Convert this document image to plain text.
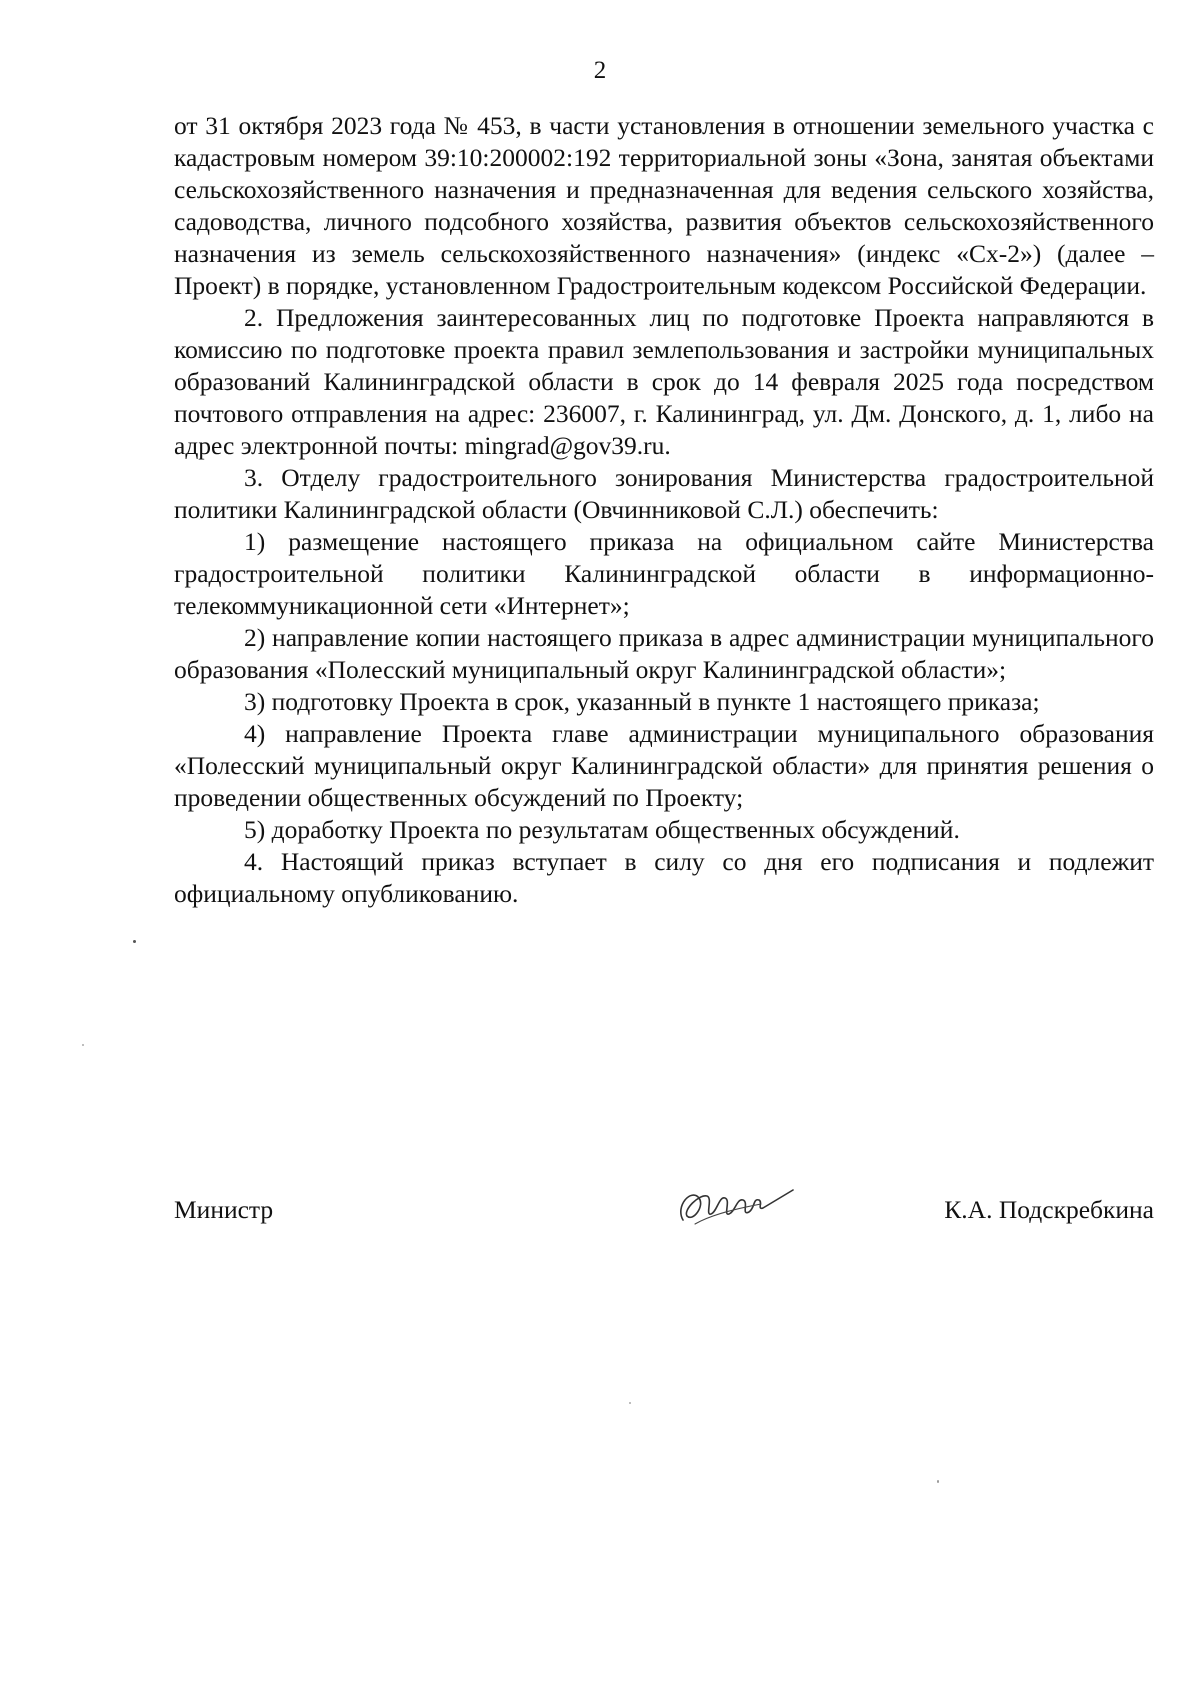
2

от 31 октября 2023 года № 453, в части установления в отношении земельного участка с кадастровым номером 39:10:200002:192 территориальной зоны «Зона, занятая объектами сельскохозяйственного назначения и предназначенная для ведения сельского хозяйства, садоводства, личного подсобного хозяйства, развития объектов сельскохозяйственного назначения из земель сельскохозяйственного назначения» (индекс «Сх-2») (далее – Проект) в порядке, установленном Градостроительным кодексом Российской Федерации.

2. Предложения заинтересованных лиц по подготовке Проекта направляются в комиссию по подготовке проекта правил землепользования и застройки муниципальных образований Калининградской области в срок до 14 февраля 2025 года посредством почтового отправления на адрес: 236007, г. Калининград, ул. Дм. Донского, д. 1, либо на адрес электронной почты: mingrad@gov39.ru.

3. Отделу градостроительного зонирования Министерства градостроительной политики Калининградской области (Овчинниковой С.Л.) обеспечить:

1) размещение настоящего приказа на официальном сайте Министерства градостроительной политики Калининградской области в информационно-телекоммуникационной сети «Интернет»;

2) направление копии настоящего приказа в адрес администрации муниципального образования «Полесский муниципальный округ Калининградской области»;

3) подготовку Проекта в срок, указанный в пункте 1 настоящего приказа;

4) направление Проекта главе администрации муниципального образования «Полесский муниципальный округ Калининградской области» для принятия решения о проведении общественных обсуждений по Проекту;

5) доработку Проекта по результатам общественных обсуждений.

4. Настоящий приказ вступает в силу со дня его подписания и подлежит официальному опубликованию.

Министр	К.А. Подскребкина
